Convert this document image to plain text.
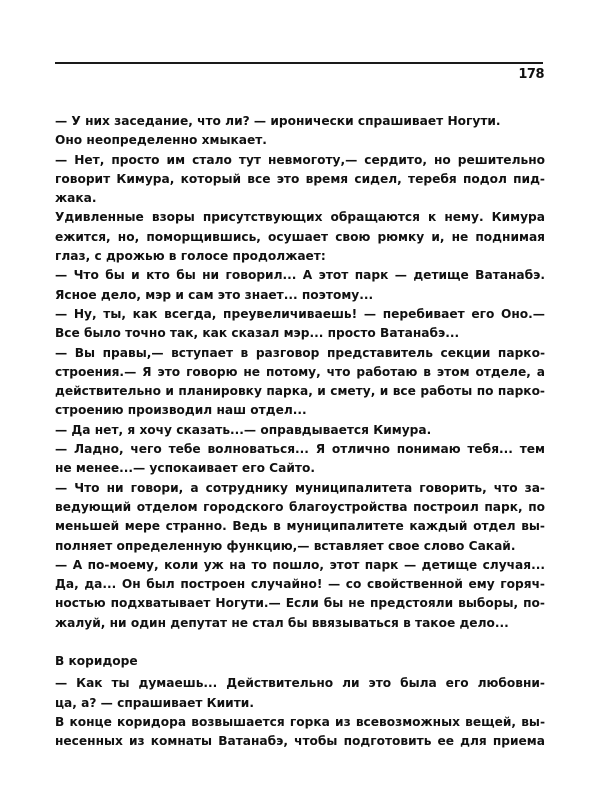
178

— У них заседание, что ли? — иронически спрашивает Ногути.

Оно неопределенно хмыкает.

— Нет, просто им стало тут невмоготу,— сердито, но решительно

говорит Кимура, который все это время сидел, теребя подол пид-

жака.

Удивленные взоры присутствующих обращаются к нему. Кимура

ежится, но, поморщившись, осушает свою рюмку и, не поднимая

глаз, с дрожью в голосе продолжает:

— Что бы и кто бы ни говорил... А этот парк — детище Ватанабэ.

Ясное дело, мэр и сам это знает... поэтому...

— Ну, ты, как всегда, преувеличиваешь! — перебивает его Оно.—

Все было точно так, как сказал мэр... просто Ватанабэ...

— Вы правы,— вступает в разговор представитель секции парко-

строения.— Я это говорю не потому, что работаю в этом отделе, а

действительно и планировку парка, и смету, и все работы по парко-

строению производил наш отдел...

— Да нет, я хочу сказать...— оправдывается Кимура.

— Ладно, чего тебе волноваться... Я отлично понимаю тебя... тем

не менее...— успокаивает его Сайто.

— Что ни говори, а сотруднику муниципалитета говорить, что за-

ведующий отделом городского благоустройства построил парк, по

меньшей мере странно. Ведь в муниципалитете каждый отдел вы-

полняет определенную функцию,— вставляет свое слово Сакай.

— А по-моему, коли уж на то пошло, этот парк — детище случая...

Да, да... Он был построен случайно! — со свойственной ему горяч-

ностью подхватывает Ногути.— Если бы не предстояли выборы, по-

жалуй, ни один депутат не стал бы ввязываться в такое дело...

В коридоре

— Как ты думаешь... Действительно ли это была его любовни-

ца, а? — спрашивает Киити.

В конце коридора возвышается горка из всевозможных вещей, вы-

несенных из комнаты Ватанабэ, чтобы подготовить ее для приема
